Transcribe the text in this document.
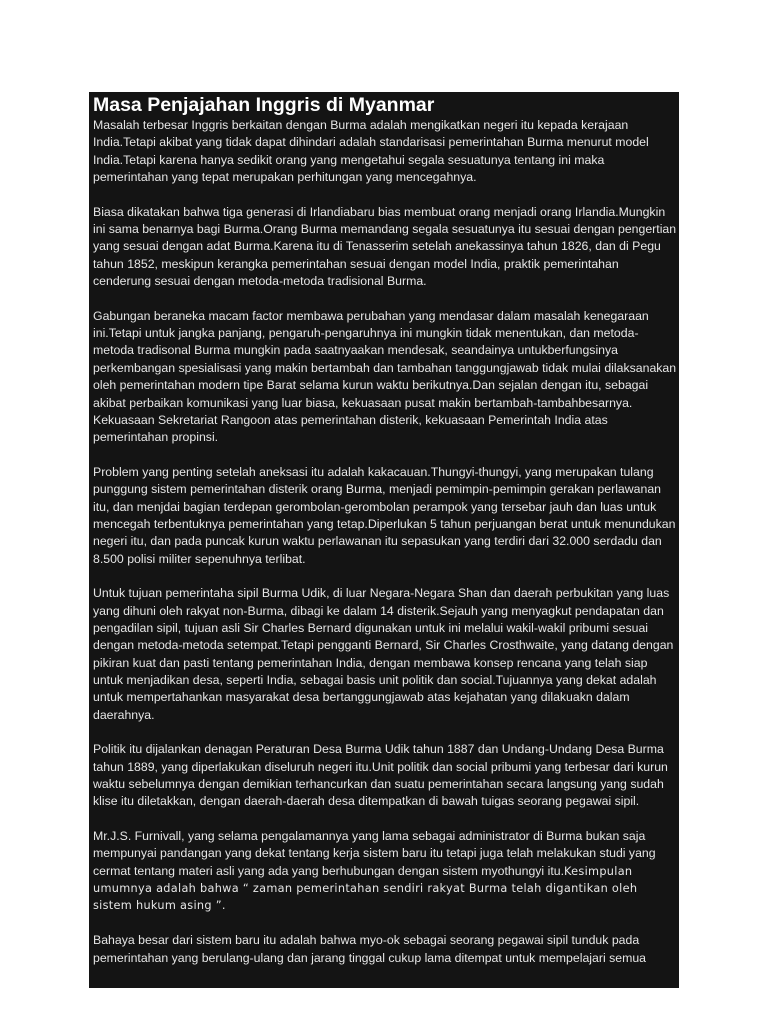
Masa Penjajahan Inggris di Myanmar

Masalah terbesar Inggris berkaitan dengan Burma adalah mengikatkan negeri itu kepada kerajaan India.Tetapi akibat yang tidak dapat dihindari adalah standarisasi pemerintahan Burma menurut model India.Tetapi karena hanya sedikit orang yang mengetahui segala sesuatunya tentang ini maka pemerintahan yang tepat merupakan perhitungan yang mencegahnya.

Biasa dikatakan bahwa tiga generasi di Irlandiabaru bias membuat orang menjadi orang Irlandia.Mungkin ini sama benarnya bagi Burma.Orang Burma memandang segala sesuatunya itu sesuai dengan pengertian yang sesuai dengan adat Burma.Karena itu di Tenasserim setelah anekassinya tahun 1826, dan di Pegu tahun 1852, meskipun kerangka pemerintahan sesuai dengan model India, praktik pemerintahan cenderung sesuai dengan metoda-metoda tradisional Burma.

Gabungan beraneka macam factor membawa perubahan yang mendasar dalam masalah kenegaraan ini.Tetapi untuk jangka panjang, pengaruh-pengaruhnya ini mungkin tidak menentukan, dan metoda-metoda tradisonal Burma mungkin pada saatnyaakan mendesak, seandainya untukberfungsinya perkembangan spesialisasi yang makin bertambah dan tambahan tanggungjawab tidak mulai dilaksanakan oleh pemerintahan modern tipe Barat selama kurun waktu berikutnya.Dan sejalan dengan itu, sebagai akibat perbaikan komunikasi yang luar biasa, kekuasaan pusat makin bertambah-tambahbesarnya. Kekuasaan Sekretariat Rangoon atas pemerintahan disterik, kekuasaan Pemerintah India atas pemerintahan propinsi.

Problem yang penting setelah aneksasi itu adalah kakacauan.Thungyi-thungyi, yang merupakan tulang punggung sistem pemerintahan disterik orang Burma, menjadi pemimpin-pemimpin gerakan perlawanan itu, dan menjdai bagian terdepan gerombolan-gerombolan perampok yang tersebar jauh dan luas untuk mencegah terbentuknya pemerintahan yang tetap.Diperlukan 5 tahun perjuangan berat untuk menundukan negeri itu, dan pada puncak kurun waktu perlawanan itu sepasukan yang terdiri dari 32.000 serdadu dan 8.500 polisi militer sepenuhnya terlibat.

Untuk tujuan pemerintaha sipil Burma Udik, di luar Negara-Negara Shan dan daerah perbukitan yang luas yang dihuni oleh rakyat non-Burma, dibagi ke dalam 14 disterik.Sejauh yang menyagkut pendapatan dan pengadilan sipil, tujuan asli Sir Charles Bernard digunakan untuk ini melalui wakil-wakil pribumi sesuai dengan metoda-metoda setempat.Tetapi pengganti Bernard, Sir Charles Crosthwaite, yang datang dengan pikiran kuat dan pasti tentang pemerintahan India, dengan membawa konsep rencana yang telah siap untuk menjadikan desa, seperti India, sebagai basis unit politik dan social.Tujuannya yang dekat adalah untuk mempertahankan masyarakat desa bertanggungjawab atas kejahatan yang dilakuakn dalam daerahnya.

Politik itu dijalankan denagan Peraturan Desa Burma Udik tahun 1887 dan Undang-Undang Desa Burma tahun 1889, yang diperlakukan diseluruh negeri itu.Unit politik dan social pribumi yang terbesar dari kurun waktu sebelumnya dengan demikian terhancurkan dan suatu pemerintahan secara langsung yang sudah klise itu diletakkan, dengan daerah-daerah desa ditempatkan di bawah tuigas seorang pegawai sipil.

Mr.J.S. Furnivall, yang selama pengalamannya yang lama sebagai administrator di Burma bukan saja mempunyai pandangan yang dekat tentang kerja sistem baru itu tetapi juga telah melakukan studi yang cermat tentang materi asli yang ada yang berhubungan dengan sistem myothungyi itu.Kesimpulan umumnya adalah bahwa “ zaman pemerintahan sendiri rakyat Burma telah digantikan oleh sistem hukum asing ”.

Bahaya besar dari sistem baru itu adalah bahwa myo-ok sebagai seorang pegawai sipil tunduk pada pemerintahan yang berulang-ulang dan jarang tinggal cukup lama ditempat untuk mempelajari semua
